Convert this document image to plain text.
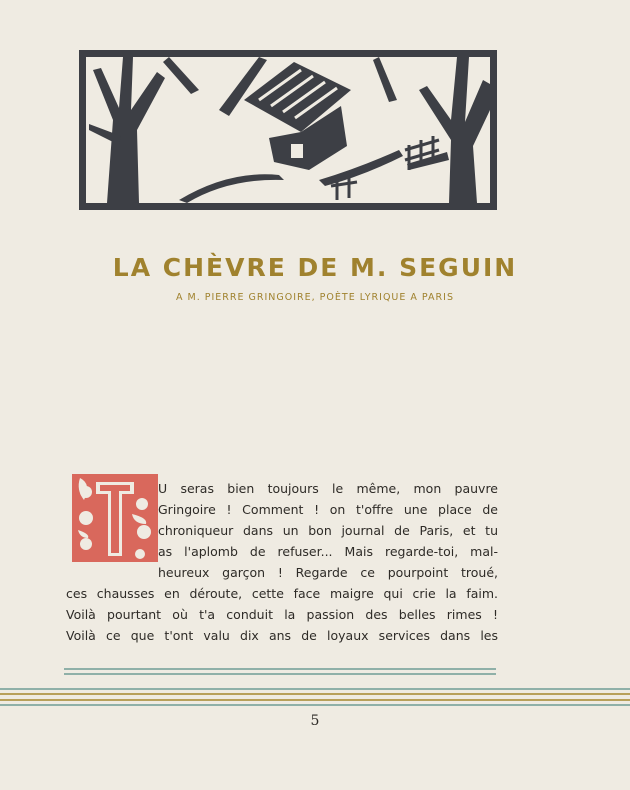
LA CHÈVRE DE M. SEGUIN

A M. PIERRE GRINGOIRE, POÈTE LYRIQUE A PARIS

U seras bien toujours le même, mon pauvre
Gringoire ! Comment ! on t'offre une place de
chroniqueur dans un bon journal de Paris, et tu
as l'aplomb de refuser... Mais regarde-toi, mal-
heureux garçon ! Regarde ce pourpoint troué,
ces chausses en déroute, cette face maigre qui crie la faim.
Voilà pourtant où t'a conduit la passion des belles rimes !
Voilà ce que t'ont valu dix ans de loyaux services dans les
5
